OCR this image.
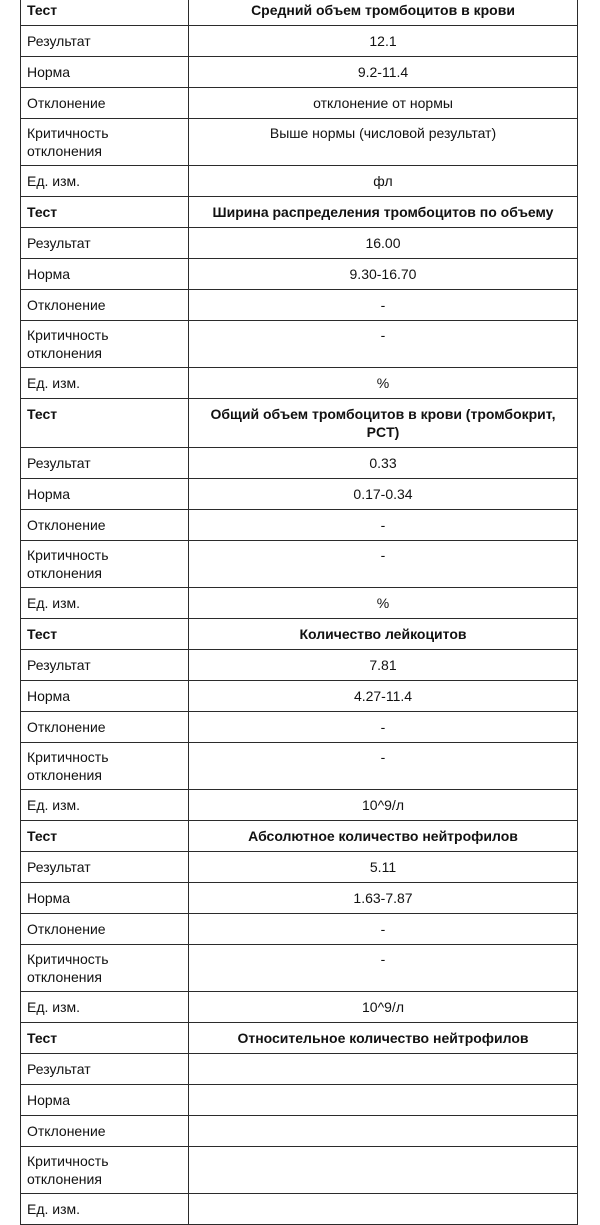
Тест	Средний объем тромбоцитов в крови
Результат	12.1
Норма	9.2-11.4
Отклонение	отклонение от нормы
Критичность отклонения	Выше нормы (числовой результат)
Ед. изм.	фл
Тест	Ширина распределения тромбоцитов по объему
Результат	16.00
Норма	9.30-16.70
Отклонение	-
Критичность отклонения	-
Ед. изм.	%
Тест	Общий объем тромбоцитов в крови (тромбокрит, PCT)
Результат	0.33
Норма	0.17-0.34
Отклонение	-
Критичность отклонения	-
Ед. изм.	%
Тест	Количество лейкоцитов
Результат	7.81
Норма	4.27-11.4
Отклонение	-
Критичность отклонения	-
Ед. изм.	10^9/л
Тест	Абсолютное количество нейтрофилов
Результат	5.11
Норма	1.63-7.87
Отклонение	-
Критичность отклонения	-
Ед. изм.	10^9/л
Тест	Относительное количество нейтрофилов
Результат	
Норма	
Отклонение	
Критичность отклонения	
Ед. изм.	
